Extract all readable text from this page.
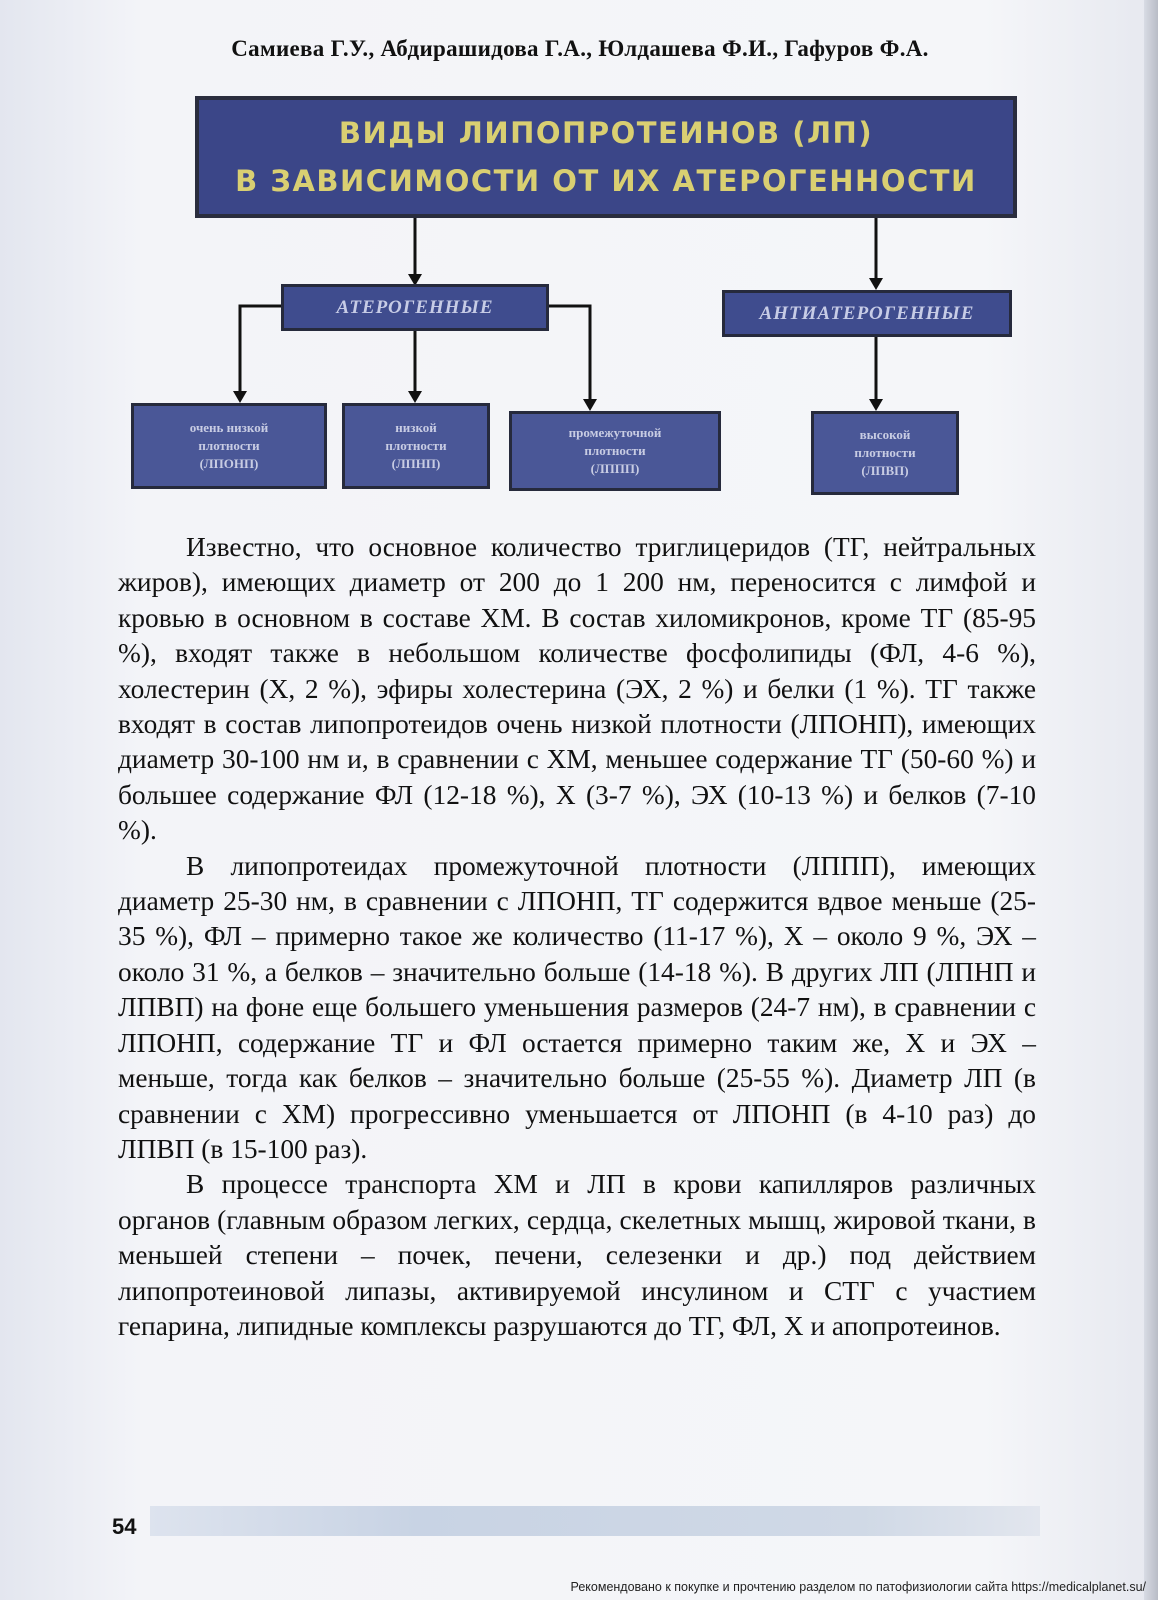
Самиева Г.У., Абдирашидова Г.А., Юлдашева Ф.И., Гафуров Ф.А.
ВИДЫ ЛИПОПРОТЕИНОВ (ЛП)
В ЗАВИСИМОСТИ ОТ ИХ АТЕРОГЕННОСТИ
АТЕРОГЕННЫЕ	АНТИАТЕРОГЕННЫЕ
очень низкой
плотности
(ЛПОНП)
низкой
плотности
(ЛПНП)
промежуточной
плотности
(ЛППП)
высокой
плотности
(ЛПВП)

Известно, что основное количество триглицеридов (ТГ, нейтральных жиров), имеющих диаметр от 200 до 1 200 нм, переносится с лимфой и кровью в основном в составе ХМ. В состав хиломикронов, кроме ТГ (85-95 %), входят также в небольшом количестве фосфолипиды (ФЛ, 4-6 %), холестерин (Х, 2 %), эфиры холестерина (ЭХ, 2 %) и белки (1 %). ТГ также входят в состав липопротеидов очень низкой плотности (ЛПОНП), имеющих диаметр 30-100 нм и, в сравнении с ХМ, меньшее содержание ТГ (50-60 %) и большее содержание ФЛ (12-18 %), Х (3-7 %), ЭХ (10-13 %) и белков (7-10 %).

В липопротеидах промежуточной плотности (ЛППП), имеющих диаметр 25-30 нм, в сравнении с ЛПОНП, ТГ содержится вдвое меньше (25-35 %), ФЛ – примерно такое же количество (11-17 %), Х – около 9 %, ЭХ – около 31 %, а белков – значительно больше (14-18 %). В других ЛП (ЛПНП и ЛПВП) на фоне еще большего уменьшения размеров (24-7 нм), в сравнении с ЛПОНП, содержание ТГ и ФЛ остается примерно таким же, Х и ЭХ – меньше, тогда как белков – значительно больше (25-55 %). Диаметр ЛП (в сравнении с ХМ) прогрессивно уменьшается от ЛПОНП (в 4-10 раз) до ЛПВП (в 15-100 раз).

В процессе транспорта ХМ и ЛП в крови капилляров различных органов (главным образом легких, сердца, скелетных мышц, жировой ткани, в меньшей степени – почек, печени, селезенки и др.) под действием липопротеиновой липазы, активируемой инсулином и СТГ с участием гепарина, липидные комплексы разрушаются до ТГ, ФЛ, Х и апопротеинов.

54
Рекомендовано к покупке и прочтению разделом по патофизиологии сайта https://medicalplanet.su/
